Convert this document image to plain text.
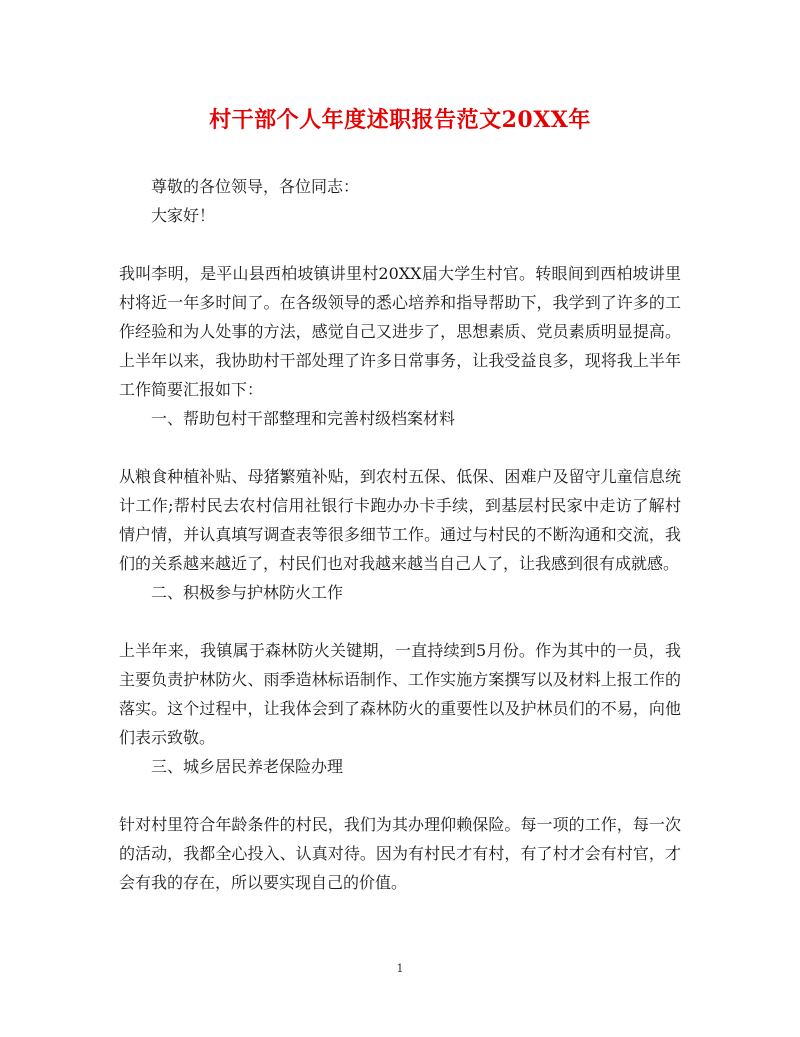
村干部个人年度述职报告范文20XX年

尊敬的各位领导，各位同志：

大家好！

我叫李明，是平山县西柏坡镇讲里村20XX届大学生村官。转眼间到西柏坡讲里村将近一年多时间了。在各级领导的悉心培养和指导帮助下，我学到了许多的工作经验和为人处事的方法，感觉自己又进步了，思想素质、党员素质明显提高。上半年以来，我协助村干部处理了许多日常事务，让我受益良多，现将我上半年工作简要汇报如下：

一、帮助包村干部整理和完善村级档案材料

从粮食种植补贴、母猪繁殖补贴，到农村五保、低保、困难户及留守儿童信息统计工作;帮村民去农村信用社银行卡跑办办卡手续，到基层村民家中走访了解村情户情，并认真填写调查表等很多细节工作。通过与村民的不断沟通和交流，我们的关系越来越近了，村民们也对我越来越当自己人了，让我感到很有成就感。

二、积极参与护林防火工作

上半年来，我镇属于森林防火关键期，一直持续到5月份。作为其中的一员，我主要负责护林防火、雨季造林标语制作、工作实施方案撰写以及材料上报工作的落实。这个过程中，让我体会到了森林防火的重要性以及护林员们的不易，向他们表示致敬。

三、城乡居民养老保险办理

针对村里符合年龄条件的村民，我们为其办理仰赖保险。每一项的工作，每一次的活动，我都全心投入、认真对待。因为有村民才有村，有了村才会有村官，才会有我的存在，所以要实现自己的价值。

1
